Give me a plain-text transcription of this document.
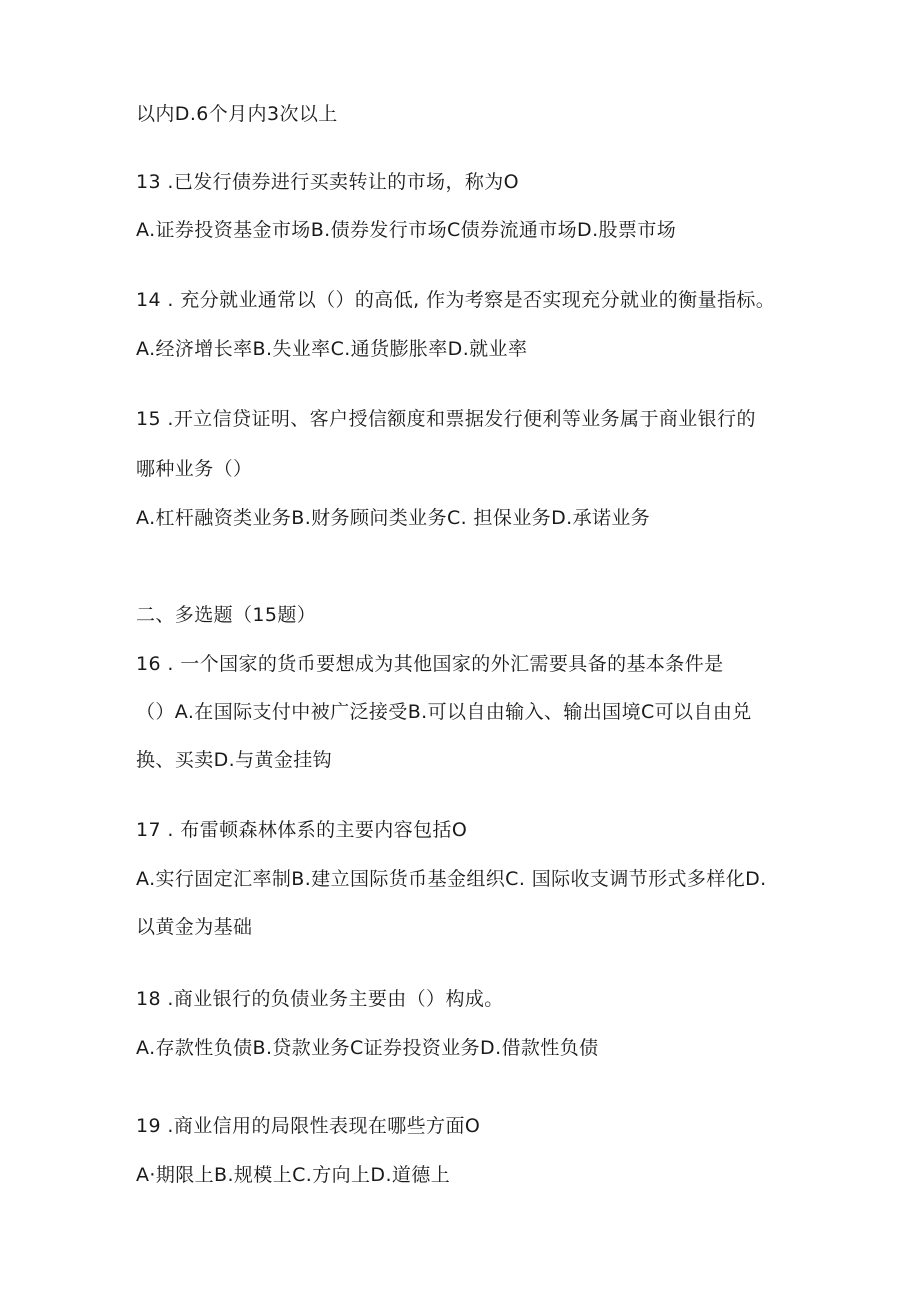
以内D.6个月内3次以上
13 .已发行债券进行买卖转让的市场，称为O
A.证券投资基金市场B.债券发行市场C债券流通市场D.股票市场
14 . 充分就业通常以（）的高低, 作为考察是否实现充分就业的衡量指标。
A.经济增长率B.失业率C.通货膨胀率D.就业率
15 .开立信贷证明、客户授信额度和票据发行便利等业务属于商业银行的
哪种业务（）
A.杠杆融资类业务B.财务顾问类业务C. 担保业务D.承诺业务
二、多选题（15题）
16 . 一个国家的货币要想成为其他国家的外汇需要具备的基本条件是
（）A.在国际支付中被广泛接受B.可以自由输入、输出国境C可以自由兑
换、买卖D.与黄金挂钩
17 . 布雷顿森林体系的主要内容包括O
A.实行固定汇率制B.建立国际货币基金组织C. 国际收支调节形式多样化D.
以黄金为基础
18 .商业银行的负债业务主要由（）构成。
A.存款性负债B.贷款业务C证券投资业务D.借款性负债
19 .商业信用的局限性表现在哪些方面O
A·期限上B.规模上C.方向上D.道德上
